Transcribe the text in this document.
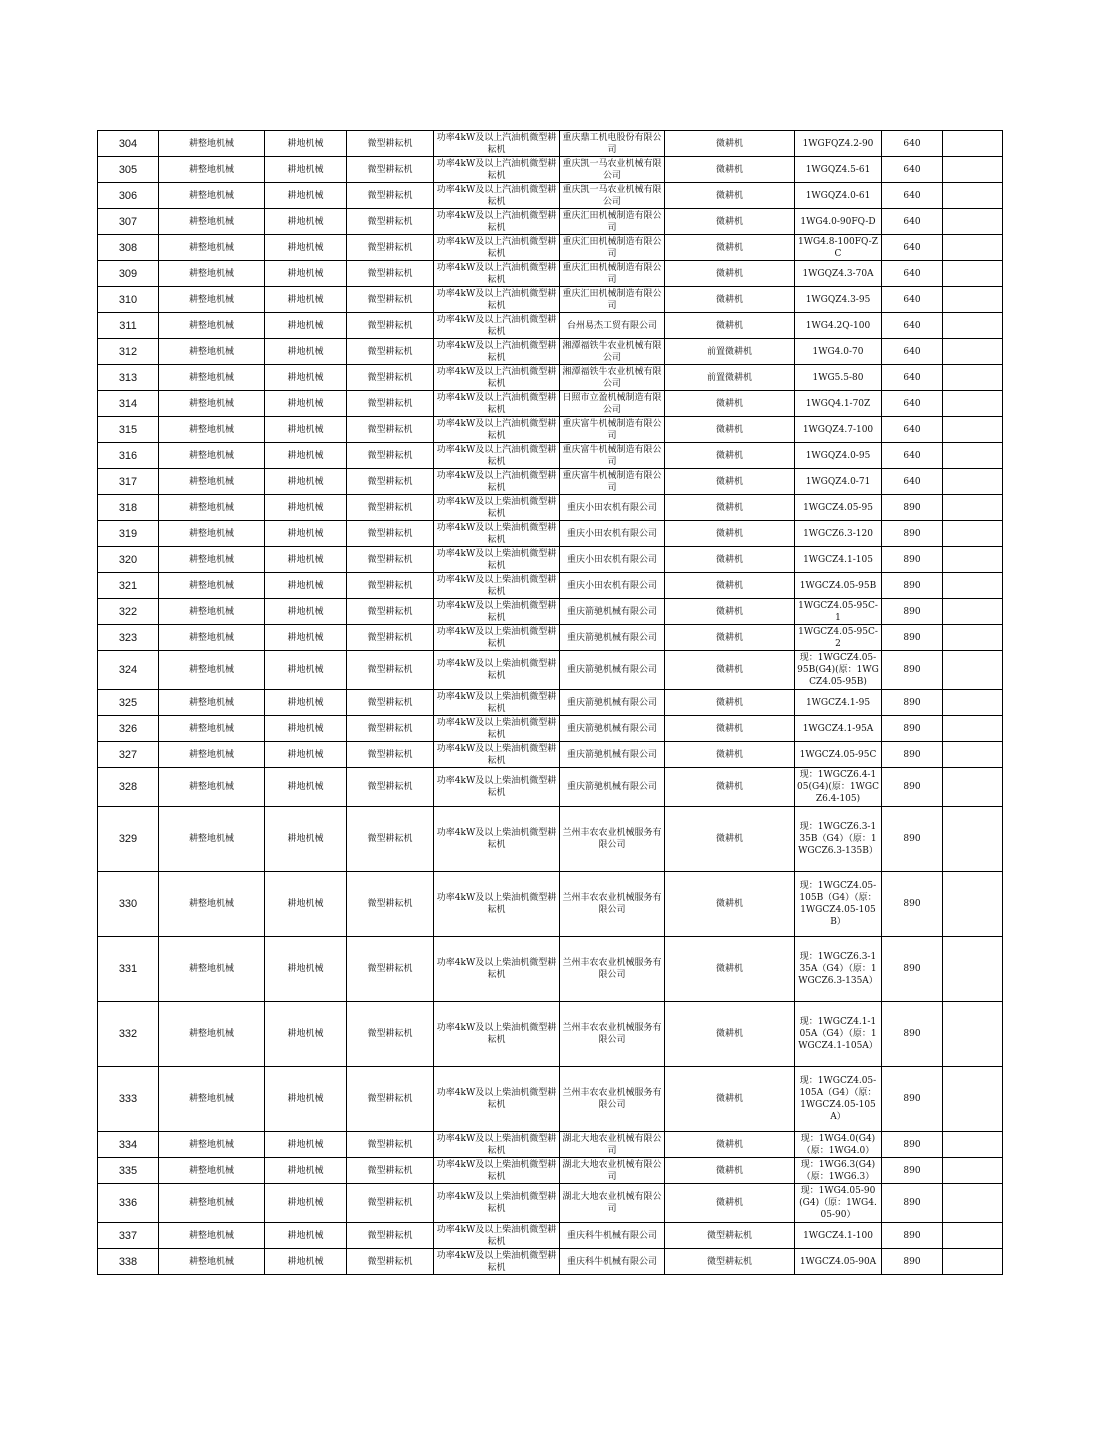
304	耕整地机械	耕地机械	微型耕耘机	功率4kW及以上汽油机微型耕耘机	重庆鼎工机电股份有限公司	微耕机	1WGFQZ4.2-90	640	
305	耕整地机械	耕地机械	微型耕耘机	功率4kW及以上汽油机微型耕耘机	重庆凯一马农业机械有限公司	微耕机	1WGQZ4.5-61	640	
306	耕整地机械	耕地机械	微型耕耘机	功率4kW及以上汽油机微型耕耘机	重庆凯一马农业机械有限公司	微耕机	1WGQZ4.0-61	640	
307	耕整地机械	耕地机械	微型耕耘机	功率4kW及以上汽油机微型耕耘机	重庆汇田机械制造有限公司	微耕机	1WG4.0-90FQ-D	640	
308	耕整地机械	耕地机械	微型耕耘机	功率4kW及以上汽油机微型耕耘机	重庆汇田机械制造有限公司	微耕机	1WG4.8-100FQ-ZC	640	
309	耕整地机械	耕地机械	微型耕耘机	功率4kW及以上汽油机微型耕耘机	重庆汇田机械制造有限公司	微耕机	1WGQZ4.3-70A	640	
310	耕整地机械	耕地机械	微型耕耘机	功率4kW及以上汽油机微型耕耘机	重庆汇田机械制造有限公司	微耕机	1WGQZ4.3-95	640	
311	耕整地机械	耕地机械	微型耕耘机	功率4kW及以上汽油机微型耕耘机	台州易杰工贸有限公司	微耕机	1WG4.2Q-100	640	
312	耕整地机械	耕地机械	微型耕耘机	功率4kW及以上汽油机微型耕耘机	湘潭福铁牛农业机械有限公司	前置微耕机	1WG4.0-70	640	
313	耕整地机械	耕地机械	微型耕耘机	功率4kW及以上汽油机微型耕耘机	湘潭福铁牛农业机械有限公司	前置微耕机	1WG5.5-80	640	
314	耕整地机械	耕地机械	微型耕耘机	功率4kW及以上汽油机微型耕耘机	日照市立盈机械制造有限公司	微耕机	1WGQ4.1-70Z	640	
315	耕整地机械	耕地机械	微型耕耘机	功率4kW及以上汽油机微型耕耘机	重庆富牛机械制造有限公司	微耕机	1WGQZ4.7-100	640	
316	耕整地机械	耕地机械	微型耕耘机	功率4kW及以上汽油机微型耕耘机	重庆富牛机械制造有限公司	微耕机	1WGQZ4.0-95	640	
317	耕整地机械	耕地机械	微型耕耘机	功率4kW及以上汽油机微型耕耘机	重庆富牛机械制造有限公司	微耕机	1WGQZ4.0-71	640	
318	耕整地机械	耕地机械	微型耕耘机	功率4kW及以上柴油机微型耕耘机	重庆小田农机有限公司	微耕机	1WGCZ4.05-95	890	
319	耕整地机械	耕地机械	微型耕耘机	功率4kW及以上柴油机微型耕耘机	重庆小田农机有限公司	微耕机	1WGCZ6.3-120	890	
320	耕整地机械	耕地机械	微型耕耘机	功率4kW及以上柴油机微型耕耘机	重庆小田农机有限公司	微耕机	1WGCZ4.1-105	890	
321	耕整地机械	耕地机械	微型耕耘机	功率4kW及以上柴油机微型耕耘机	重庆小田农机有限公司	微耕机	1WGCZ4.05-95B	890	
322	耕整地机械	耕地机械	微型耕耘机	功率4kW及以上柴油机微型耕耘机	重庆箭驰机械有限公司	微耕机	1WGCZ4.05-95C-1	890	
323	耕整地机械	耕地机械	微型耕耘机	功率4kW及以上柴油机微型耕耘机	重庆箭驰机械有限公司	微耕机	1WGCZ4.05-95C-2	890	
324	耕整地机械	耕地机械	微型耕耘机	功率4kW及以上柴油机微型耕耘机	重庆箭驰机械有限公司	微耕机	现：1WGCZ4.05-95B(G4)(原：1WGCZ4.05-95B)	890	
325	耕整地机械	耕地机械	微型耕耘机	功率4kW及以上柴油机微型耕耘机	重庆箭驰机械有限公司	微耕机	1WGCZ4.1-95	890	
326	耕整地机械	耕地机械	微型耕耘机	功率4kW及以上柴油机微型耕耘机	重庆箭驰机械有限公司	微耕机	1WGCZ4.1-95A	890	
327	耕整地机械	耕地机械	微型耕耘机	功率4kW及以上柴油机微型耕耘机	重庆箭驰机械有限公司	微耕机	1WGCZ4.05-95C	890	
328	耕整地机械	耕地机械	微型耕耘机	功率4kW及以上柴油机微型耕耘机	重庆箭驰机械有限公司	微耕机	现：1WGCZ6.4-105(G4)(原：1WGCZ6.4-105)	890	
329	耕整地机械	耕地机械	微型耕耘机	功率4kW及以上柴油机微型耕耘机	兰州丰农农业机械服务有限公司	微耕机	现：1WGCZ6.3-135B（G4）（原：1WGCZ6.3-135B）	890	
330	耕整地机械	耕地机械	微型耕耘机	功率4kW及以上柴油机微型耕耘机	兰州丰农农业机械服务有限公司	微耕机	现：1WGCZ4.05-105B（G4）（原：1WGCZ4.05-105B）	890	
331	耕整地机械	耕地机械	微型耕耘机	功率4kW及以上柴油机微型耕耘机	兰州丰农农业机械服务有限公司	微耕机	现：1WGCZ6.3-135A（G4）（原：1WGCZ6.3-135A）	890	
332	耕整地机械	耕地机械	微型耕耘机	功率4kW及以上柴油机微型耕耘机	兰州丰农农业机械服务有限公司	微耕机	现：1WGCZ4.1-105A（G4）（原：1WGCZ4.1-105A）	890	
333	耕整地机械	耕地机械	微型耕耘机	功率4kW及以上柴油机微型耕耘机	兰州丰农农业机械服务有限公司	微耕机	现：1WGCZ4.05-105A（G4）（原：1WGCZ4.05-105A）	890	
334	耕整地机械	耕地机械	微型耕耘机	功率4kW及以上柴油机微型耕耘机	湖北大地农业机械有限公司	微耕机	现：1WG4.0(G4)（原：1WG4.0）	890	
335	耕整地机械	耕地机械	微型耕耘机	功率4kW及以上柴油机微型耕耘机	湖北大地农业机械有限公司	微耕机	现：1WG6.3(G4)（原：1WG6.3）	890	
336	耕整地机械	耕地机械	微型耕耘机	功率4kW及以上柴油机微型耕耘机	湖北大地农业机械有限公司	微耕机	现：1WG4.05-90(G4)（原：1WG4.05-90）	890	
337	耕整地机械	耕地机械	微型耕耘机	功率4kW及以上柴油机微型耕耘机	重庆科牛机械有限公司	微型耕耘机	1WGCZ4.1-100	890	
338	耕整地机械	耕地机械	微型耕耘机	功率4kW及以上柴油机微型耕耘机	重庆科牛机械有限公司	微型耕耘机	1WGCZ4.05-90A	890	
